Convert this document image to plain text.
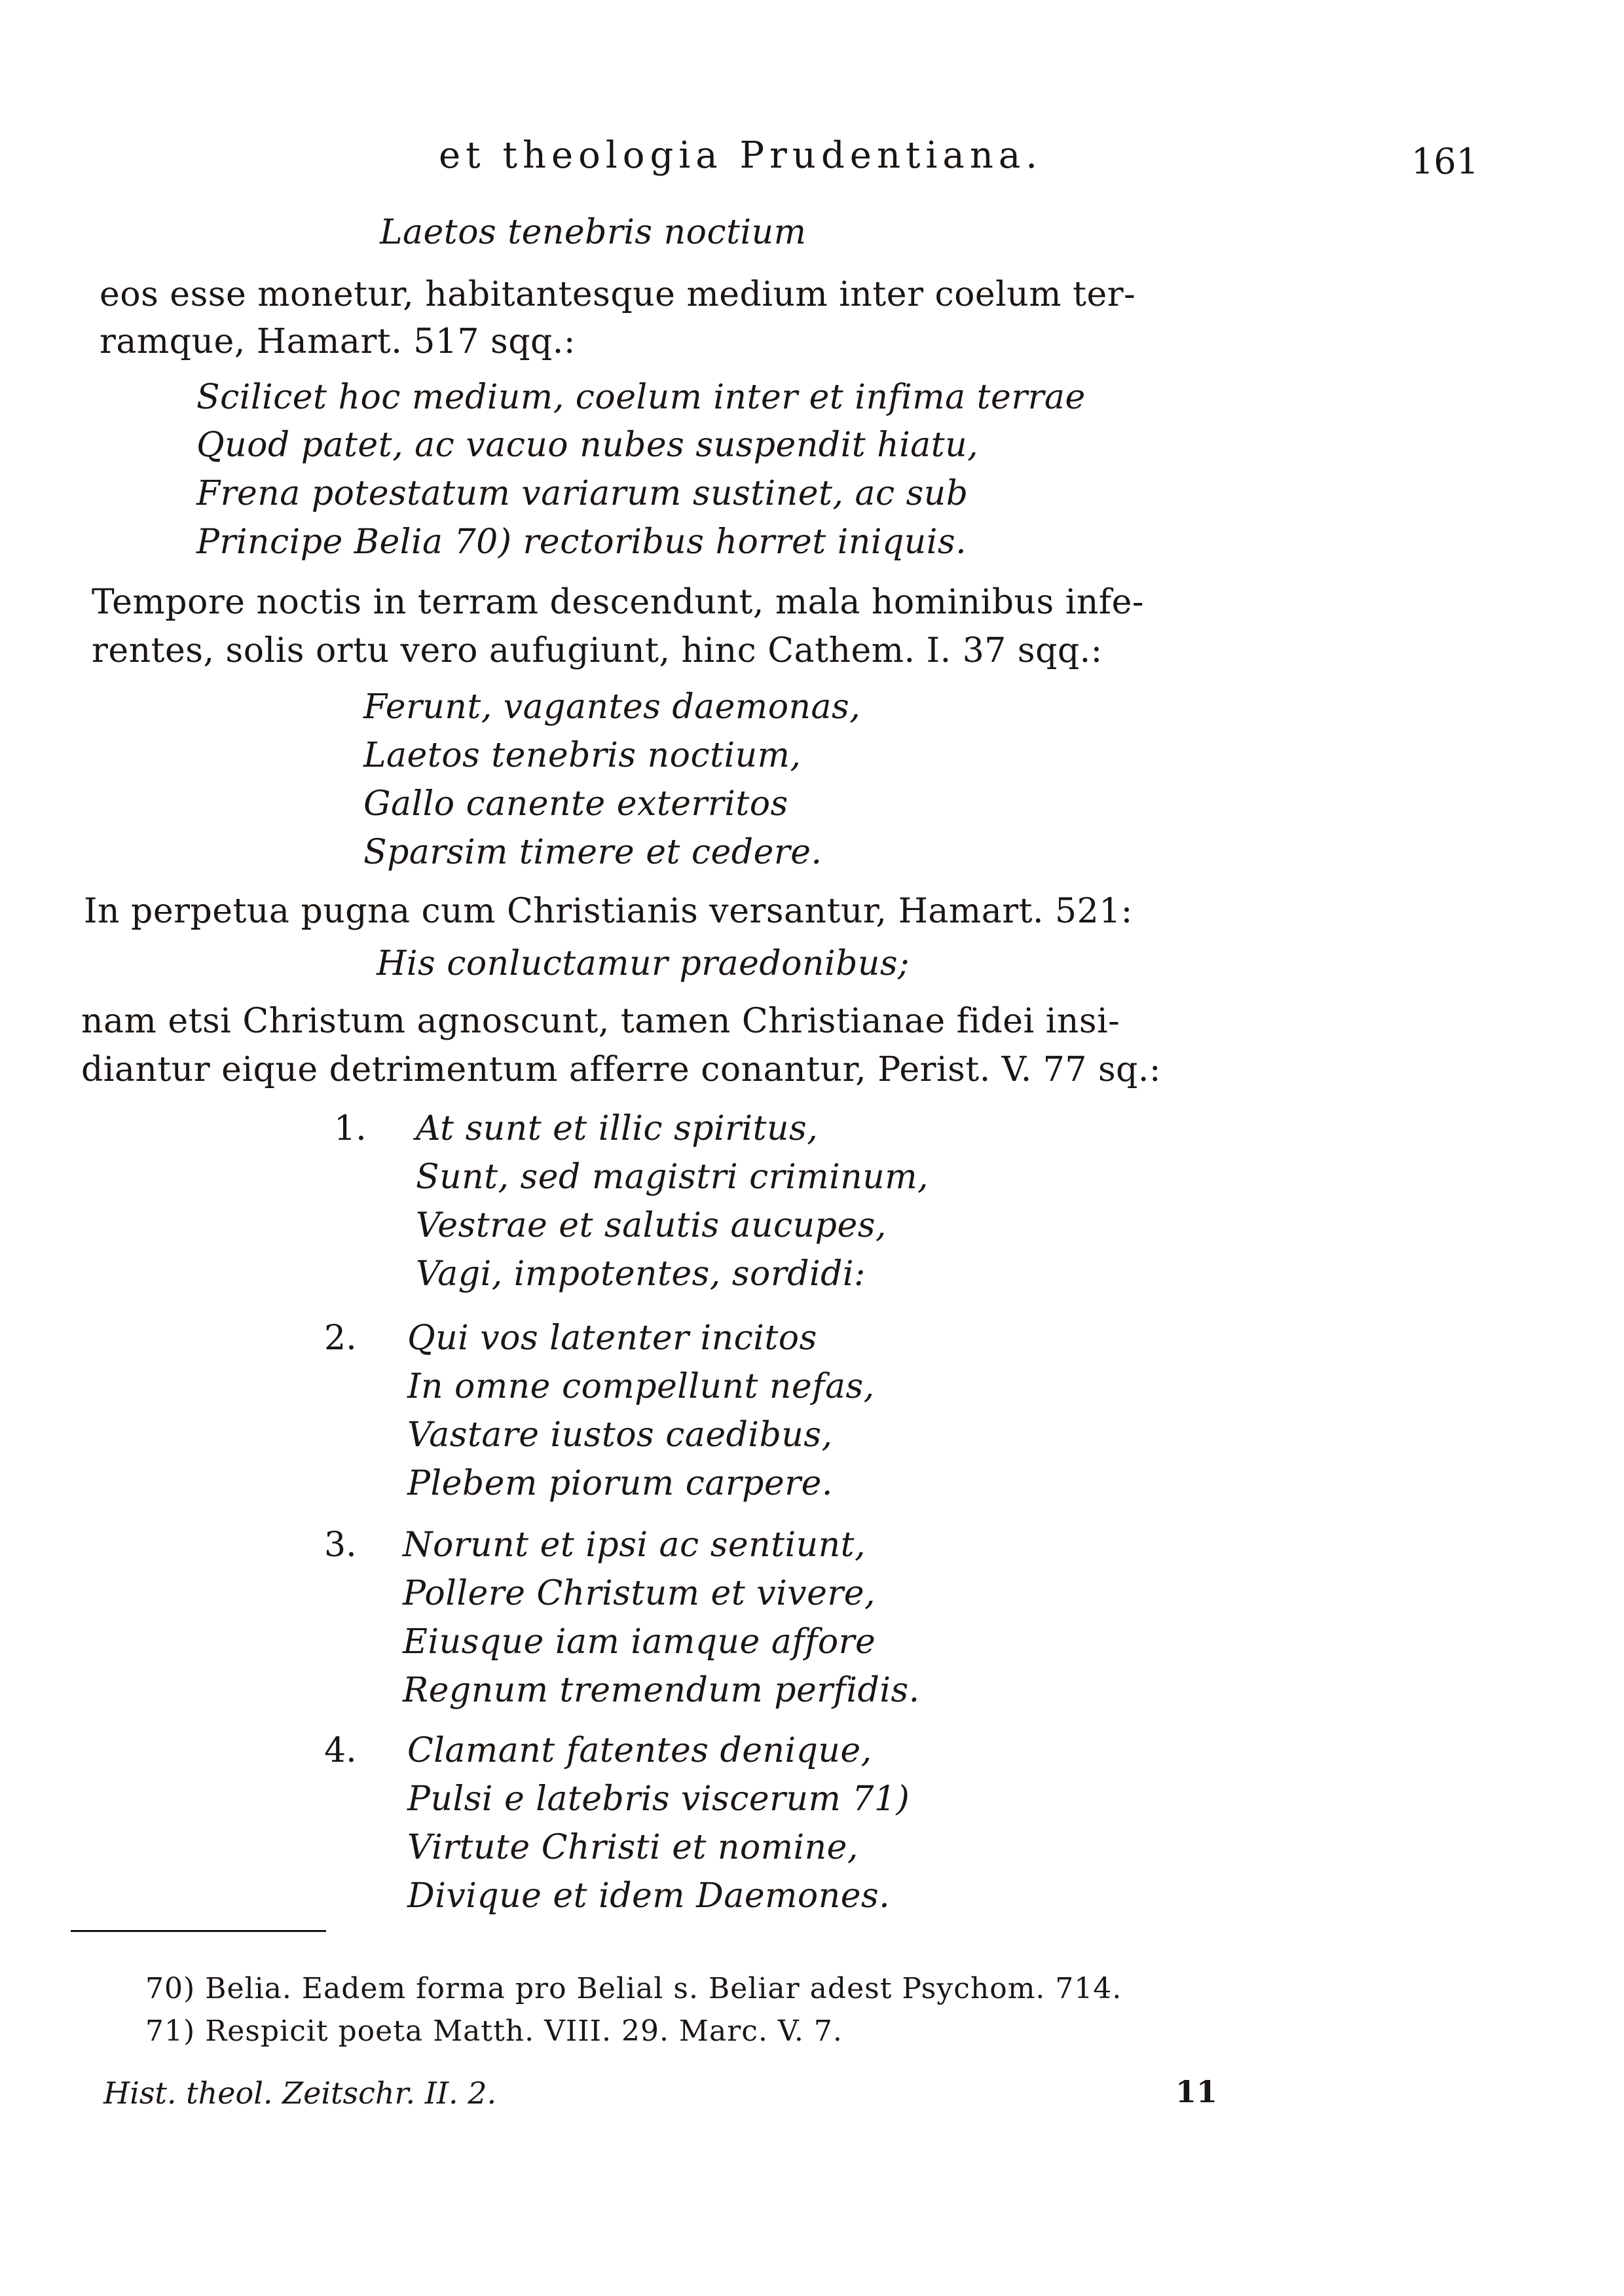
et theologia Prudentiana.	161
Laetos tenebris noctium
eos esse monetur, habitantesque medium inter coelum ter-
ramque, Hamart. 517 sqq.:
Scilicet hoc medium, coelum inter et infima terrae
Quod patet, ac vacuo nubes suspendit hiatu,
Frena potestatum variarum sustinet, ac sub
Principe Belia 70) rectoribus horret iniquis.
Tempore noctis in terram descendunt, mala hominibus infe-
rentes, solis ortu vero aufugiunt, hinc Cathem. I. 37 sqq.:
Ferunt, vagantes daemonas,
Laetos tenebris noctium,
Gallo canente exterritos
Sparsim timere et cedere.
In perpetua pugna cum Christianis versantur, Hamart. 521:
His conluctamur praedonibus;
nam etsi Christum agnoscunt, tamen Christianae fidei insi-
diantur eique detrimentum afferre conantur, Perist. V. 77 sq.:
1. At sunt et illic spiritus,
Sunt, sed magistri criminum,
Vestrae et salutis aucupes,
Vagi, impotentes, sordidi:
2. Qui vos latenter incitos
In omne compellunt nefas,
Vastare iustos caedibus,
Plebem piorum carpere.
3. Norunt et ipsi ac sentiunt,
Pollere Christum et vivere,
Eiusque iam iamque affore
Regnum tremendum perfidis.
4. Clamant fatentes denique,
Pulsi e latebris viscerum 71)
Virtute Christi et nomine,
Divique et idem Daemones.
70) Belia. Eadem forma pro Belial s. Beliar adest Psychom. 714.
71) Respicit poeta Matth. VIII. 29. Marc. V. 7.
Hist. theol. Zeitschr. II. 2.	11
